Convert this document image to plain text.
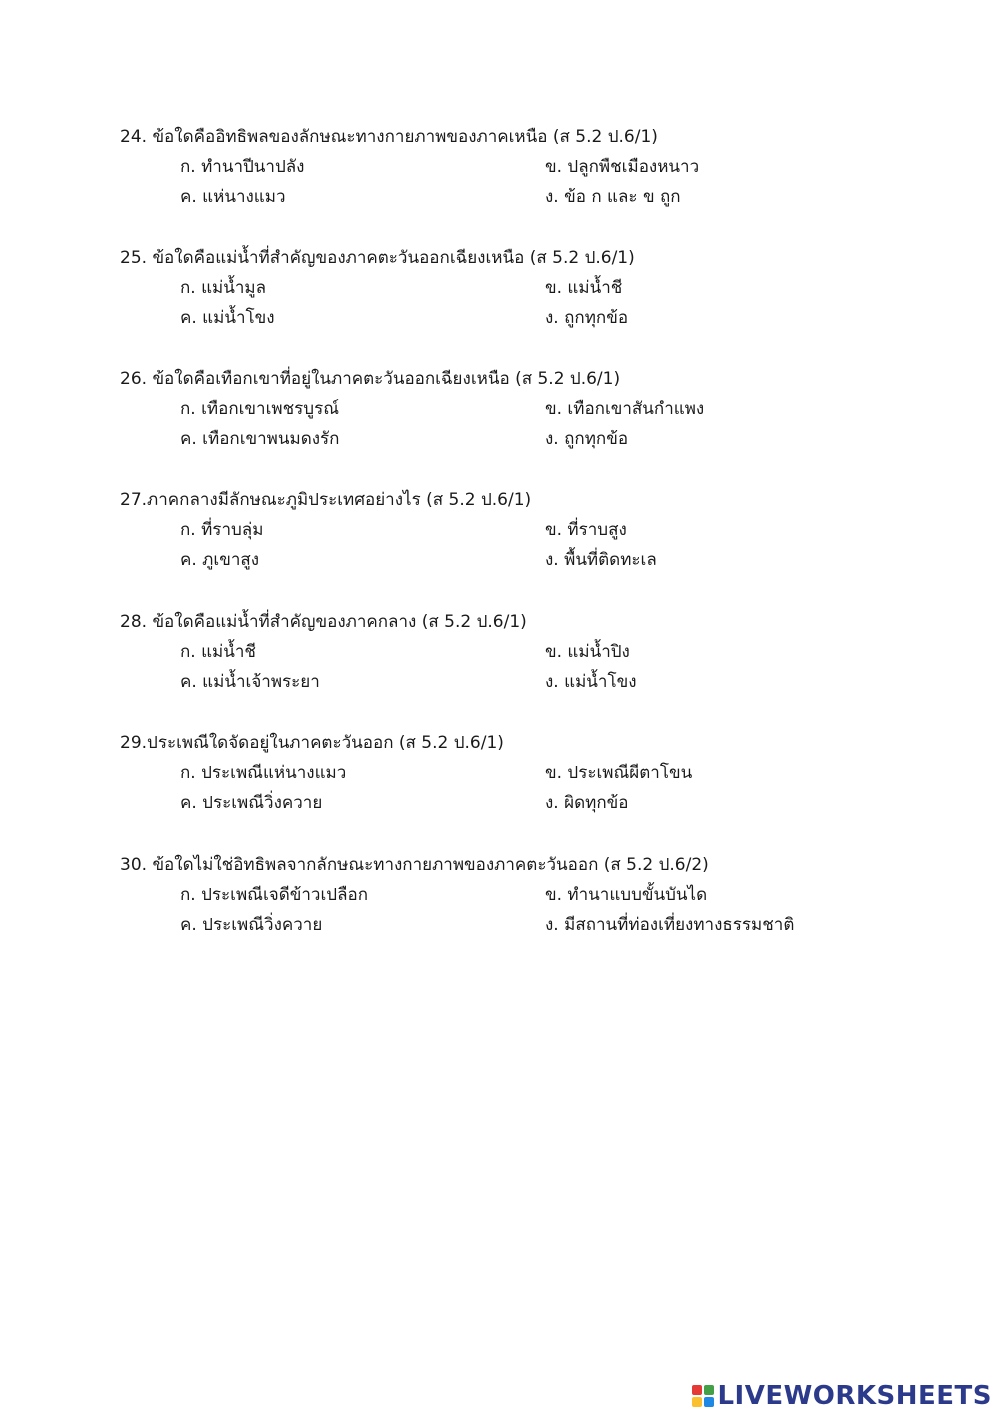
24. ข้อใดคืออิทธิพลของลักษณะทางกายภาพของภาคเหนือ (ส 5.2 ป.6/1)
ก. ทำนาปีนาปลัง	ข. ปลูกพืชเมืองหนาว
ค. แห่นางแมว	ง. ข้อ ก และ ข ถูก
25. ข้อใดคือแม่น้ำที่สำคัญของภาคตะวันออกเฉียงเหนือ (ส 5.2 ป.6/1)
ก. แม่น้ำมูล	ข. แม่น้ำชี
ค. แม่น้ำโขง	ง. ถูกทุกข้อ
26. ข้อใดคือเทือกเขาที่อยู่ในภาคตะวันออกเฉียงเหนือ (ส 5.2 ป.6/1)
ก. เทือกเขาเพชรบูรณ์	ข. เทือกเขาสันกำแพง
ค. เทือกเขาพนมดงรัก	ง. ถูกทุกข้อ
27.ภาคกลางมีลักษณะภูมิประเทศอย่างไร (ส 5.2 ป.6/1)
ก. ที่ราบลุ่ม	ข. ที่ราบสูง
ค. ภูเขาสูง	ง. พื้นที่ติดทะเล
28. ข้อใดคือแม่น้ำที่สำคัญของภาคกลาง (ส 5.2 ป.6/1)
ก. แม่น้ำชี	ข. แม่น้ำปิง
ค. แม่น้ำเจ้าพระยา	ง. แม่น้ำโขง
29.ประเพณีใดจัดอยู่ในภาคตะวันออก (ส 5.2 ป.6/1)
ก. ประเพณีแห่นางแมว	ข. ประเพณีผีตาโขน
ค. ประเพณีวิ่งควาย	ง. ผิดทุกข้อ
30. ข้อใดไม่ใช่อิทธิพลจากลักษณะทางกายภาพของภาคตะวันออก (ส 5.2 ป.6/2)
ก. ประเพณีเจดีข้าวเปลือก	ข. ทำนาแบบขั้นบันได
ค. ประเพณีวิ่งควาย	ง. มีสถานที่ท่องเที่ยงทางธรรมชาติ
LIVEWORKSHEETS
